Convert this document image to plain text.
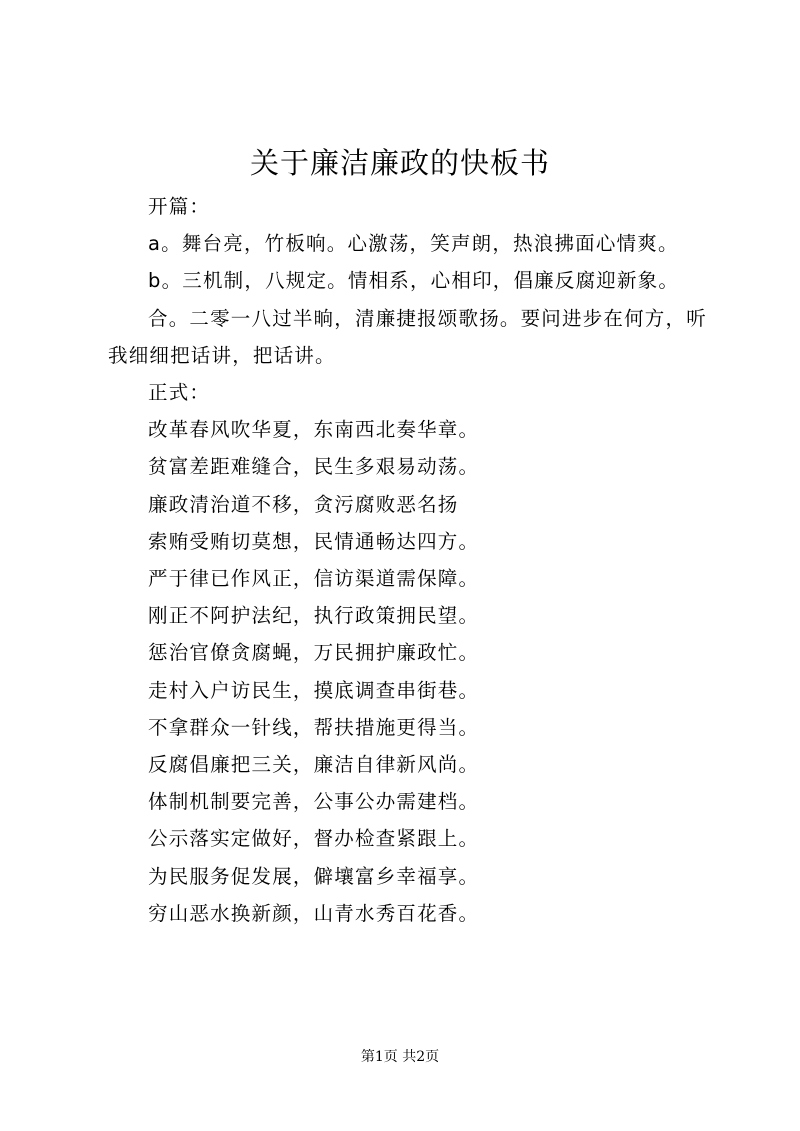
关于廉洁廉政的快板书

开篇：

a。舞台亮，竹板响。心激荡，笑声朗，热浪拂面心情爽。

b。三机制，八规定。情相系，心相印，倡廉反腐迎新象。

合。二零一八过半晌，清廉捷报颂歌扬。要问进步在何方，听我细细把话讲，把话讲。

正式：

改革春风吹华夏，东南西北奏华章。

贫富差距难缝合，民生多艰易动荡。

廉政清治道不移，贪污腐败恶名扬

索贿受贿切莫想，民情通畅达四方。

严于律已作风正，信访渠道需保障。

刚正不阿护法纪，执行政策拥民望。

惩治官僚贪腐蝇，万民拥护廉政忙。

走村入户访民生，摸底调查串街巷。

不拿群众一针线，帮扶措施更得当。

反腐倡廉把三关，廉洁自律新风尚。

体制机制要完善，公事公办需建档。

公示落实定做好，督办检查紧跟上。

为民服务促发展，僻壤富乡幸福享。

穷山恶水换新颜，山青水秀百花香。

第1页 共2页
